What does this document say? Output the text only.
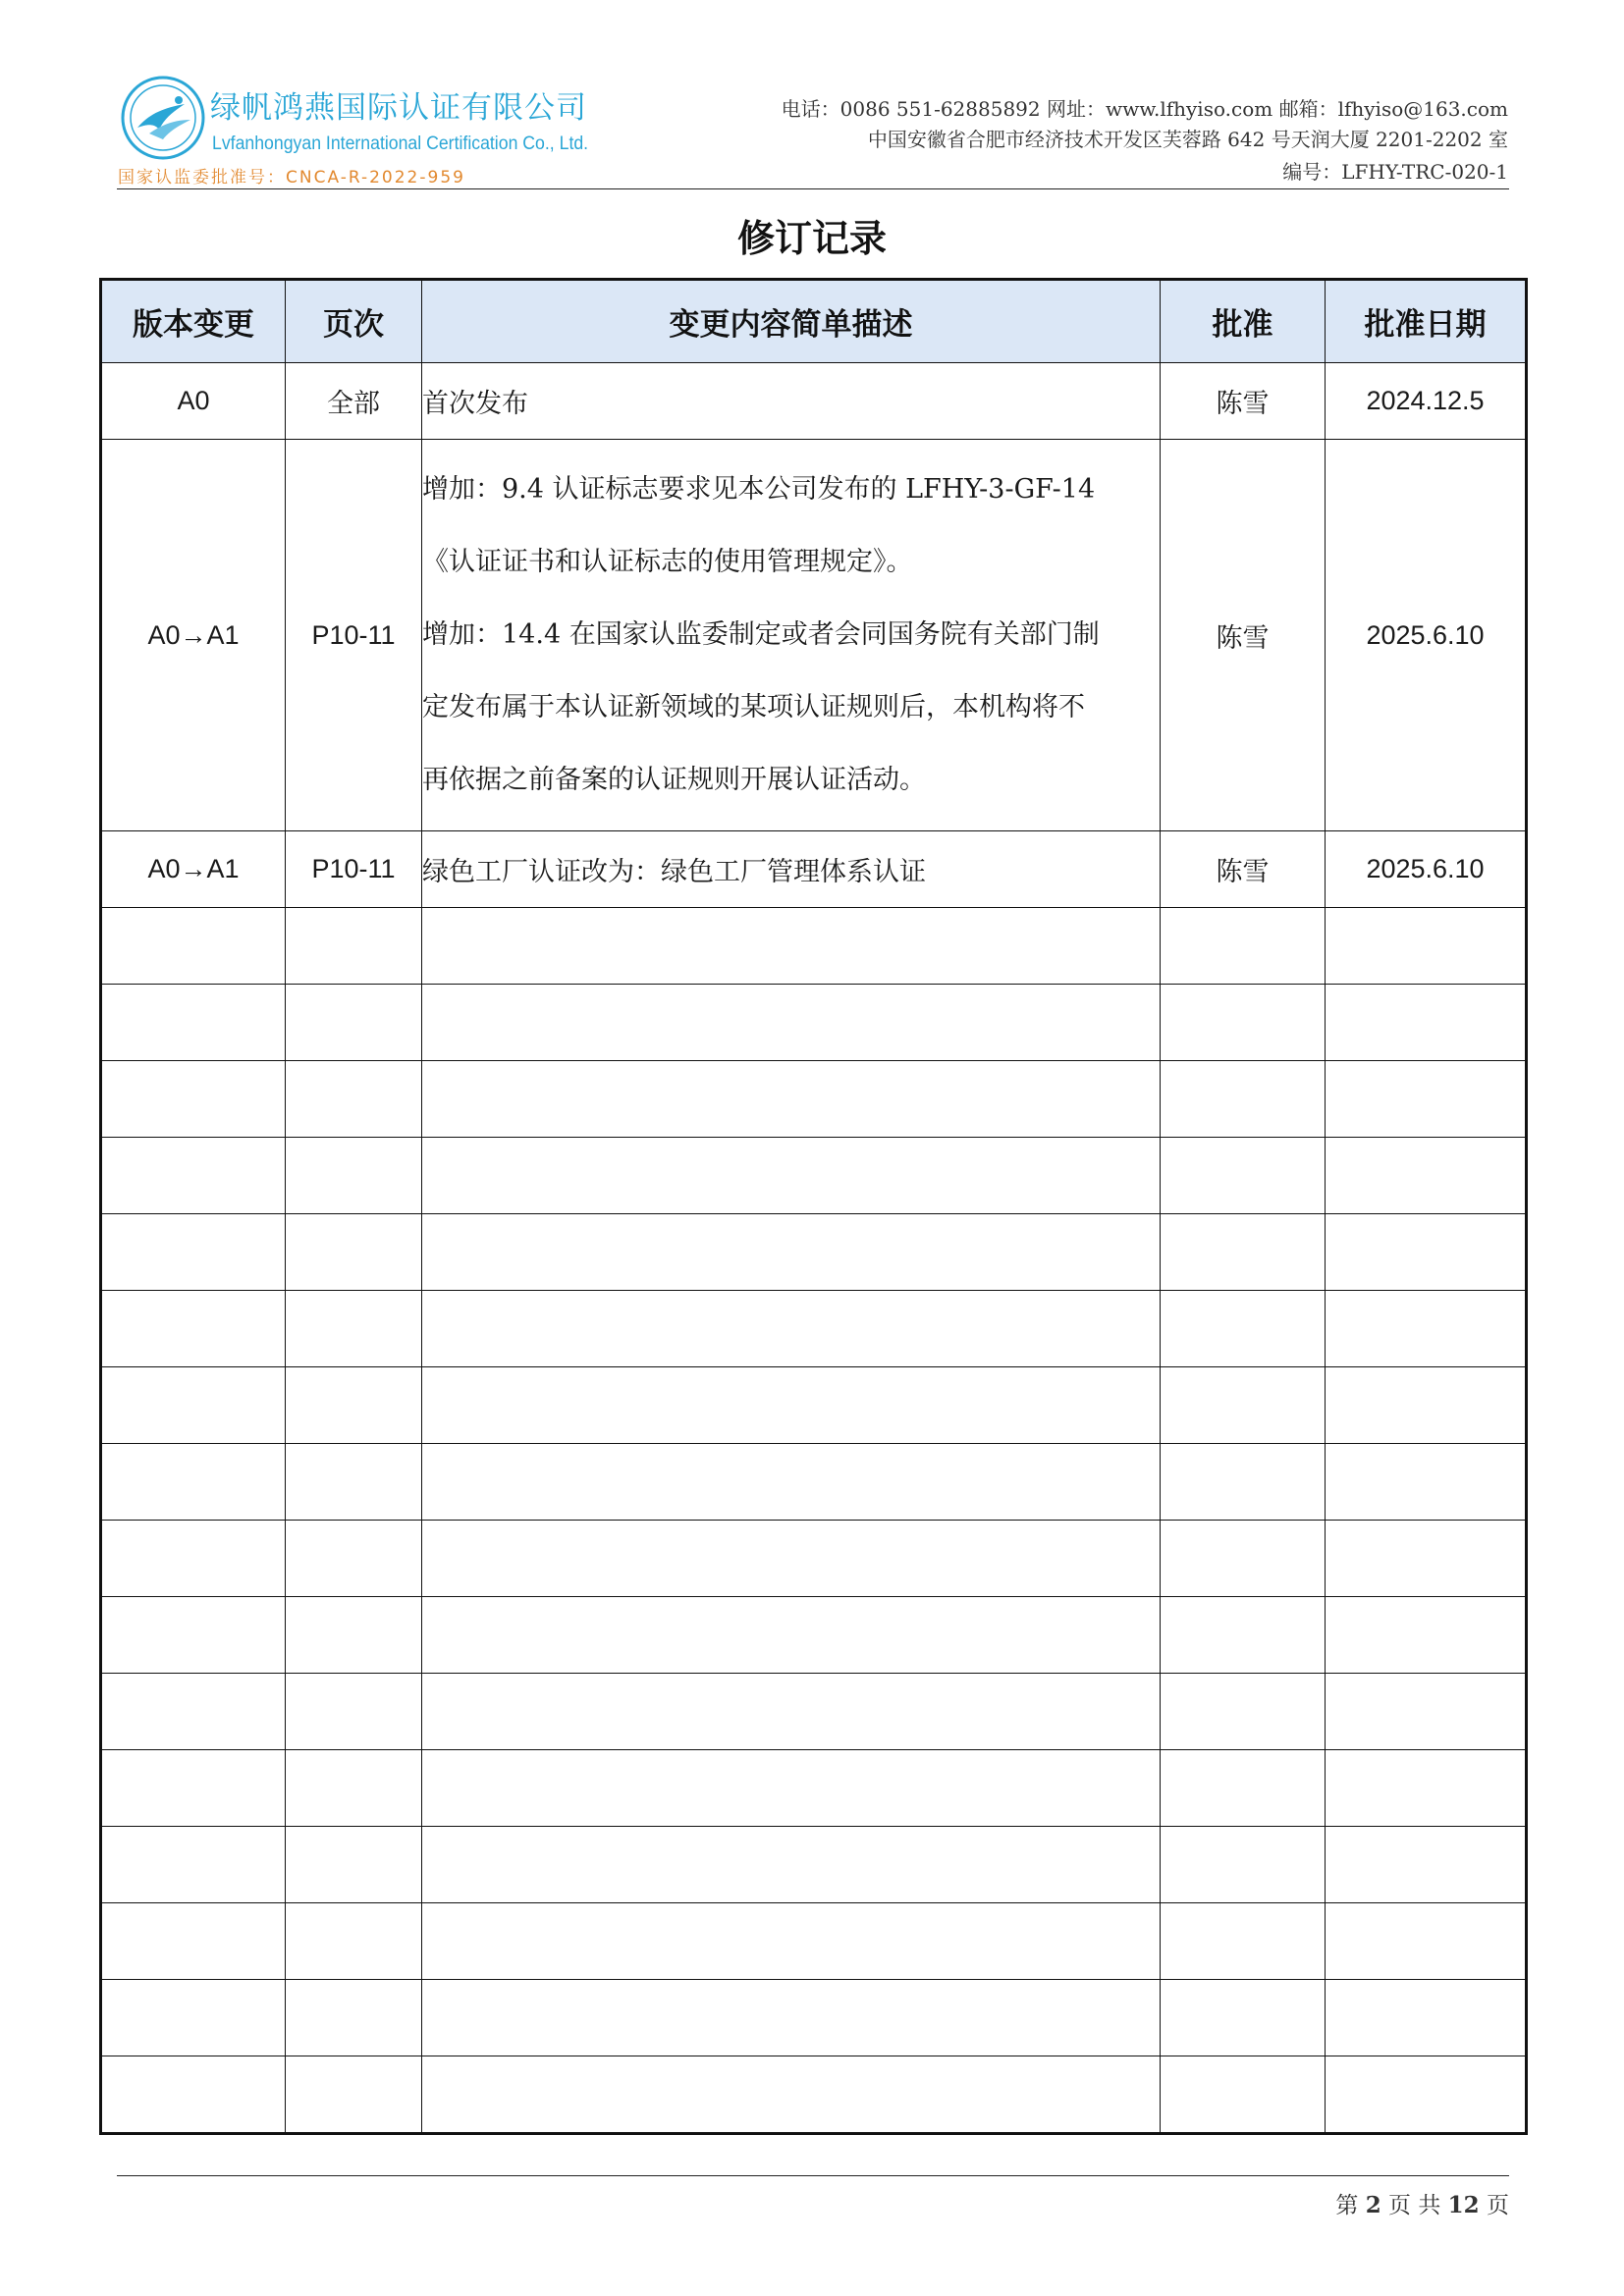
绿帆鸿燕国际认证有限公司
Lvfanhongyan International Certification Co., Ltd.
国家认监委批准号：CNCA-R-2022-959
电话：0086 551-62885892 网址：www.lfhyiso.com 邮箱：lfhyiso@163.com
中国安徽省合肥市经济技术开发区芙蓉路 642 号天润大厦 2201-2202 室
编号：LFHY-TRC-020-1
修订记录
版本变更	页次	变更内容简单描述	批准	批准日期
A0	全部	首次发布	陈雪	2024.12.5
A0→A1	P10-11	增加：9.4 认证标志要求见本公司发布的 LFHY-3-GF-14
《认证证书和认证标志的使用管理规定》。
增加：14.4 在国家认监委制定或者会同国务院有关部门制
定发布属于本认证新领域的某项认证规则后，本机构将不
再依据之前备案的认证规则开展认证活动。	陈雪	2025.6.10
A0→A1	P10-11	绿色工厂认证改为：绿色工厂管理体系认证	陈雪	2025.6.10

第 2 页 共 12 页
